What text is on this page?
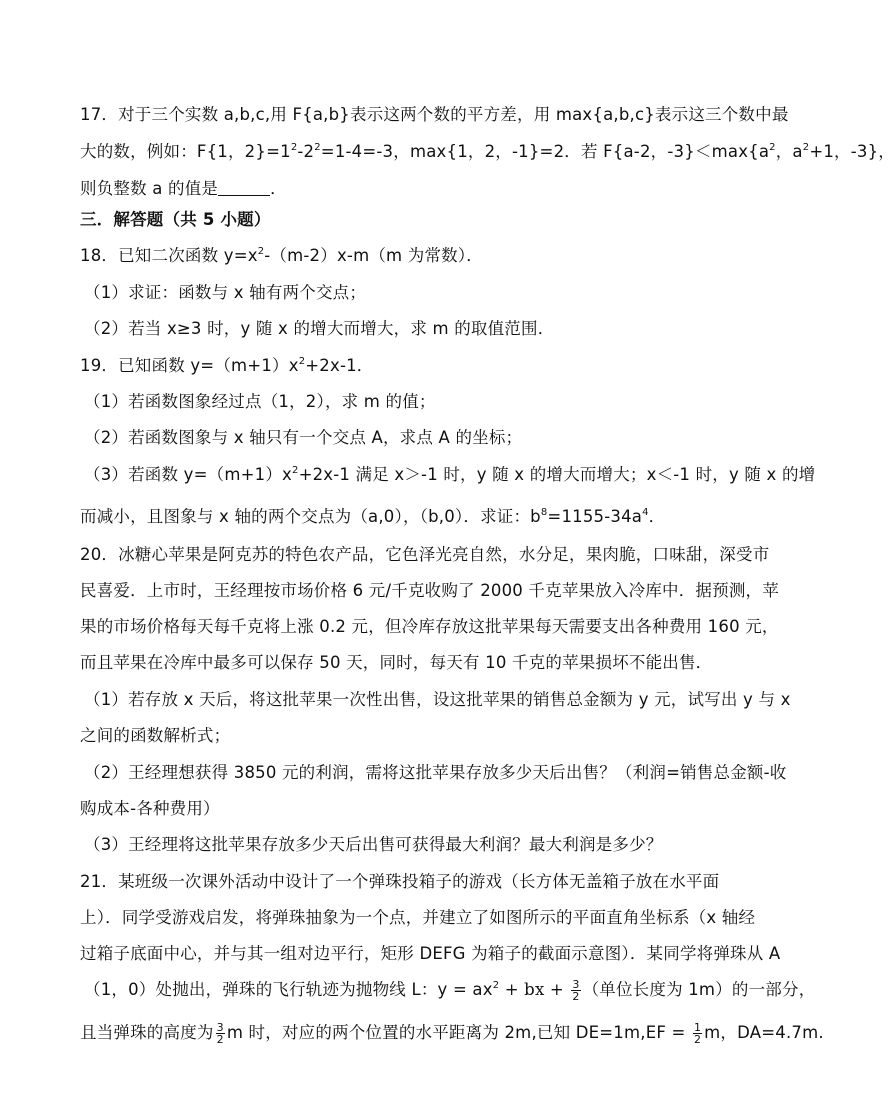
17．对于三个实数 a,b,c,用 F{a,b}表示这两个数的平方差，用 max{a,b,c}表示这三个数中最
大的数，例如：F{1，$2\}=1^2-2^2=1-4=-3$，max{1，2，-1}=2．若 F{a-2，$-3\}<\max\{a^2$，$a^2+1$，-3}，
则负整数 a 的值是	．
三．解答题（共 5 小题）
18．已知二次函数 $y=x^2-(m-2)x-m(m$ 为常数）．
（1）求证：函数与 x 轴有两个交点；
（2）若当 x≥3 时，y 随 x 的增大而增大，求 m 的取值范围．
19．已知函数 $y=(m+1)x^2+2x-1$．
（1）若函数图象经过点（1，2），求 m 的值；
（2）若函数图象与 x 轴只有一个交点 A，求点 A 的坐标；
（3）若函数 $y=(m+1)x^2+2x-1$ 满足 x＞-1 时，y 随 x 的增大而增大；x＜-1 时，y 随 x 的增
而减小，且图象与 x 轴的两个交点为（a,0），（b,0）．求证：$b^8=1155-34a^4$．
20．冰糖心苹果是阿克苏的特色农产品，它色泽光亮自然，水分足，果肉脆，口味甜，深受市
民喜爱．上市时，王经理按市场价格 6 元/千克收购了 2000 千克苹果放入冷库中．据预测，苹
果的市场价格每天每千克将上涨 0.2 元，但冷库存放这批苹果每天需要支出各种费用 160 元，
而且苹果在冷库中最多可以保存 50 天，同时，每天有 10 千克的苹果损坏不能出售．
（1）若存放 x 天后，将这批苹果一次性出售，设这批苹果的销售总金额为 y 元，试写出 y 与 x
之间的函数解析式；
（2）王经理想获得 3850 元的利润，需将这批苹果存放多少天后出售？（利润=销售总金额-收
购成本-各种费用）
（3）王经理将这批苹果存放多少天后出售可获得最大利润？最大利润是多少？
21．某班级一次课外活动中设计了一个弹珠投箱子的游戏（长方体无盖箱子放在水平面
上）．同学受游戏启发，将弹珠抽象为一个点，并建立了如图所示的平面直角坐标系（x 轴经
过箱子底面中心，并与其一组对边平行，矩形 DEFG 为箱子的截面示意图）．某同学将弹珠从 A
（1，0）处抛出，弹珠的飞行轨迹为抛物线 L：$y = ax^2$ + bx + $\frac{3}{2}$ （单位长度为 1m）的一部分，
且当弹珠的高度为 $\frac{3}{2}$ m 时，对应的两个位置的水平距离为 2m,已知 $DE=1m,EF = \frac{1}{2}$ m，DA=4.7m.
